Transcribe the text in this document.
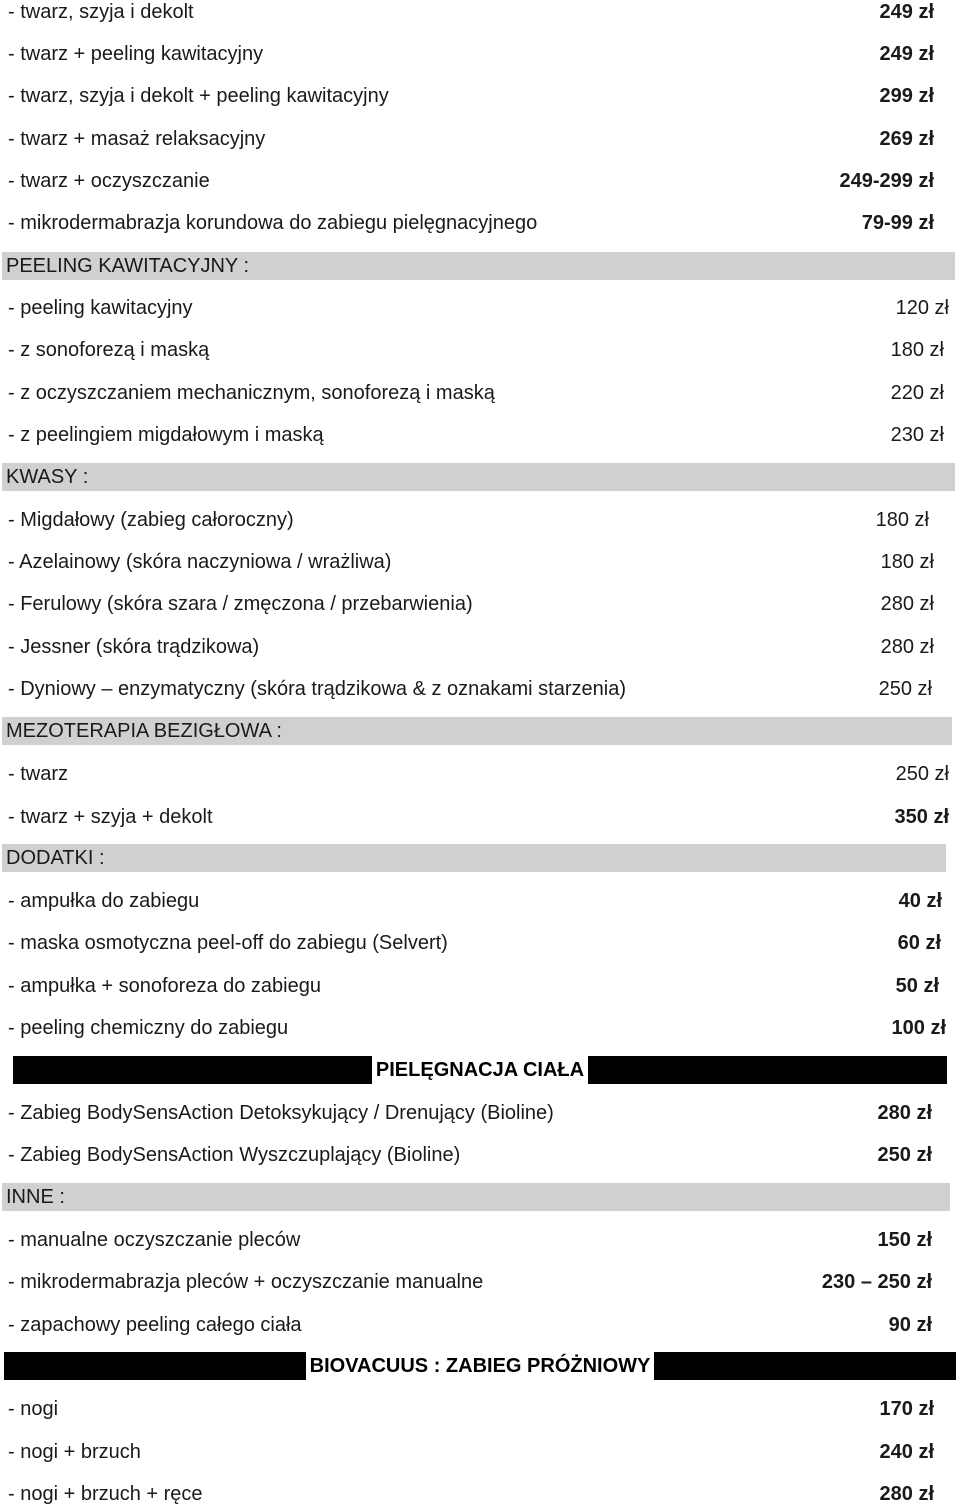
- twarz, szyja i dekolt	249 zł
- twarz + peeling kawitacyjny	249 zł
- twarz, szyja i dekolt + peeling kawitacyjny	299 zł
- twarz + masaż relaksacyjny	269 zł
- twarz + oczyszczanie	249-299 zł
- mikrodermabrazja korundowa do zabiegu pielęgnacyjnego	79-99 zł
PEELING KAWITACYJNY :
- peeling kawitacyjny	120 zł
- z sonoforezą i maską	180 zł
- z oczyszczaniem mechanicznym, sonoforezą i maską	220 zł
- z peelingiem migdałowym i maską	230 zł
KWASY :
- Migdałowy (zabieg całoroczny)	180 zł
- Azelainowy (skóra naczyniowa / wrażliwa)	180 zł
- Ferulowy (skóra szara / zmęczona / przebarwienia)	280 zł
- Jessner (skóra trądzikowa)	280 zł
- Dyniowy – enzymatyczny (skóra trądzikowa & z oznakami starzenia)	250 zł
MEZOTERAPIA BEZIGŁOWA :
- twarz	250 zł
- twarz + szyja + dekolt	350 zł
DODATKI :
- ampułka do zabiegu	40 zł
- maska osmotyczna peel-off do zabiegu (Selvert)	60 zł
- ampułka + sonoforeza do zabiegu	50 zł
- peeling chemiczny do zabiegu	100 zł
PIELĘGNACJA CIAŁA
- Zabieg BodySensAction Detoksykujący / Drenujący (Bioline)	280 zł
- Zabieg BodySensAction Wyszczuplający (Bioline)	250 zł
INNE :
- manualne oczyszczanie pleców	150 zł
- mikrodermabrazja pleców + oczyszczanie manualne	230 – 250 zł
- zapachowy peeling całego ciała	90 zł
BIOVACUUS : ZABIEG PRÓŻNIOWY
- nogi	170 zł
- nogi + brzuch	240 zł
- nogi + brzuch + ręce	280 zł
